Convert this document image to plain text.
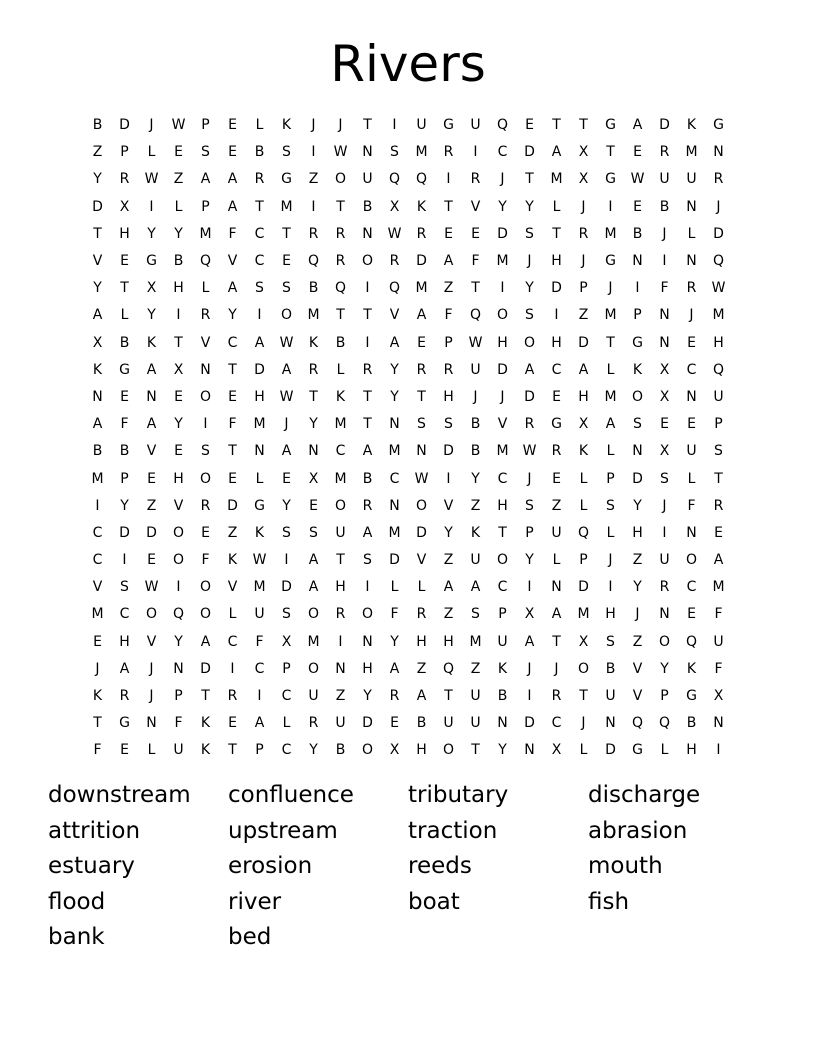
Rivers
B	D	J	W	P	E	L	K	J	J	T	I	U	G	U	Q	E	T	T	G	A	D	K	G
Z	P	L	E	S	E	B	S	I	W	N	S	M	R	I	C	D	A	X	T	E	R	M	N
Y	R	W	Z	A	A	R	G	Z	O	U	Q	Q	I	R	J	T	M	X	G	W	U	U	R
D	X	I	L	P	A	T	M	I	T	B	X	K	T	V	Y	Y	L	J	I	E	B	N	J
T	H	Y	Y	M	F	C	T	R	R	N	W	R	E	E	D	S	T	R	M	B	J	L	D
V	E	G	B	Q	V	C	E	Q	R	O	R	D	A	F	M	J	H	J	G	N	I	N	Q
Y	T	X	H	L	A	S	S	B	Q	I	Q	M	Z	T	I	Y	D	P	J	I	F	R	W
A	L	Y	I	R	Y	I	O	M	T	T	V	A	F	Q	O	S	I	Z	M	P	N	J	M
X	B	K	T	V	C	A	W	K	B	I	A	E	P	W	H	O	H	D	T	G	N	E	H
K	G	A	X	N	T	D	A	R	L	R	Y	R	R	U	D	A	C	A	L	K	X	C	Q
N	E	N	E	O	E	H	W	T	K	T	Y	T	H	J	J	D	E	H	M	O	X	N	U
A	F	A	Y	I	F	M	J	Y	M	T	N	S	S	B	V	R	G	X	A	S	E	E	P
B	B	V	E	S	T	N	A	N	C	A	M	N	D	B	M	W	R	K	L	N	X	U	S
M	P	E	H	O	E	L	E	X	M	B	C	W	I	Y	C	J	E	L	P	D	S	L	T
I	Y	Z	V	R	D	G	Y	E	O	R	N	O	V	Z	H	S	Z	L	S	Y	J	F	R
C	D	D	O	E	Z	K	S	S	U	A	M	D	Y	K	T	P	U	Q	L	H	I	N	E
C	I	E	O	F	K	W	I	A	T	S	D	V	Z	U	O	Y	L	P	J	Z	U	O	A
V	S	W	I	O	V	M	D	A	H	I	L	L	A	A	C	I	N	D	I	Y	R	C	M
M	C	O	Q	O	L	U	S	O	R	O	F	R	Z	S	P	X	A	M	H	J	N	E	F
E	H	V	Y	A	C	F	X	M	I	N	Y	H	H	M	U	A	T	X	S	Z	O	Q	U
J	A	J	N	D	I	C	P	O	N	H	A	Z	Q	Z	K	J	J	O	B	V	Y	K	F
K	R	J	P	T	R	I	C	U	Z	Y	R	A	T	U	B	I	R	T	U	V	P	G	X
T	G	N	F	K	E	A	L	R	U	D	E	B	U	U	N	D	C	J	N	Q	Q	B	N
F	E	L	U	K	T	P	C	Y	B	O	X	H	O	T	Y	N	X	L	D	G	L	H	I
downstream	confluence	tributary	discharge
attrition	upstream	traction	abrasion
estuary	erosion	reeds	mouth
flood	river	boat	fish
bank	bed
